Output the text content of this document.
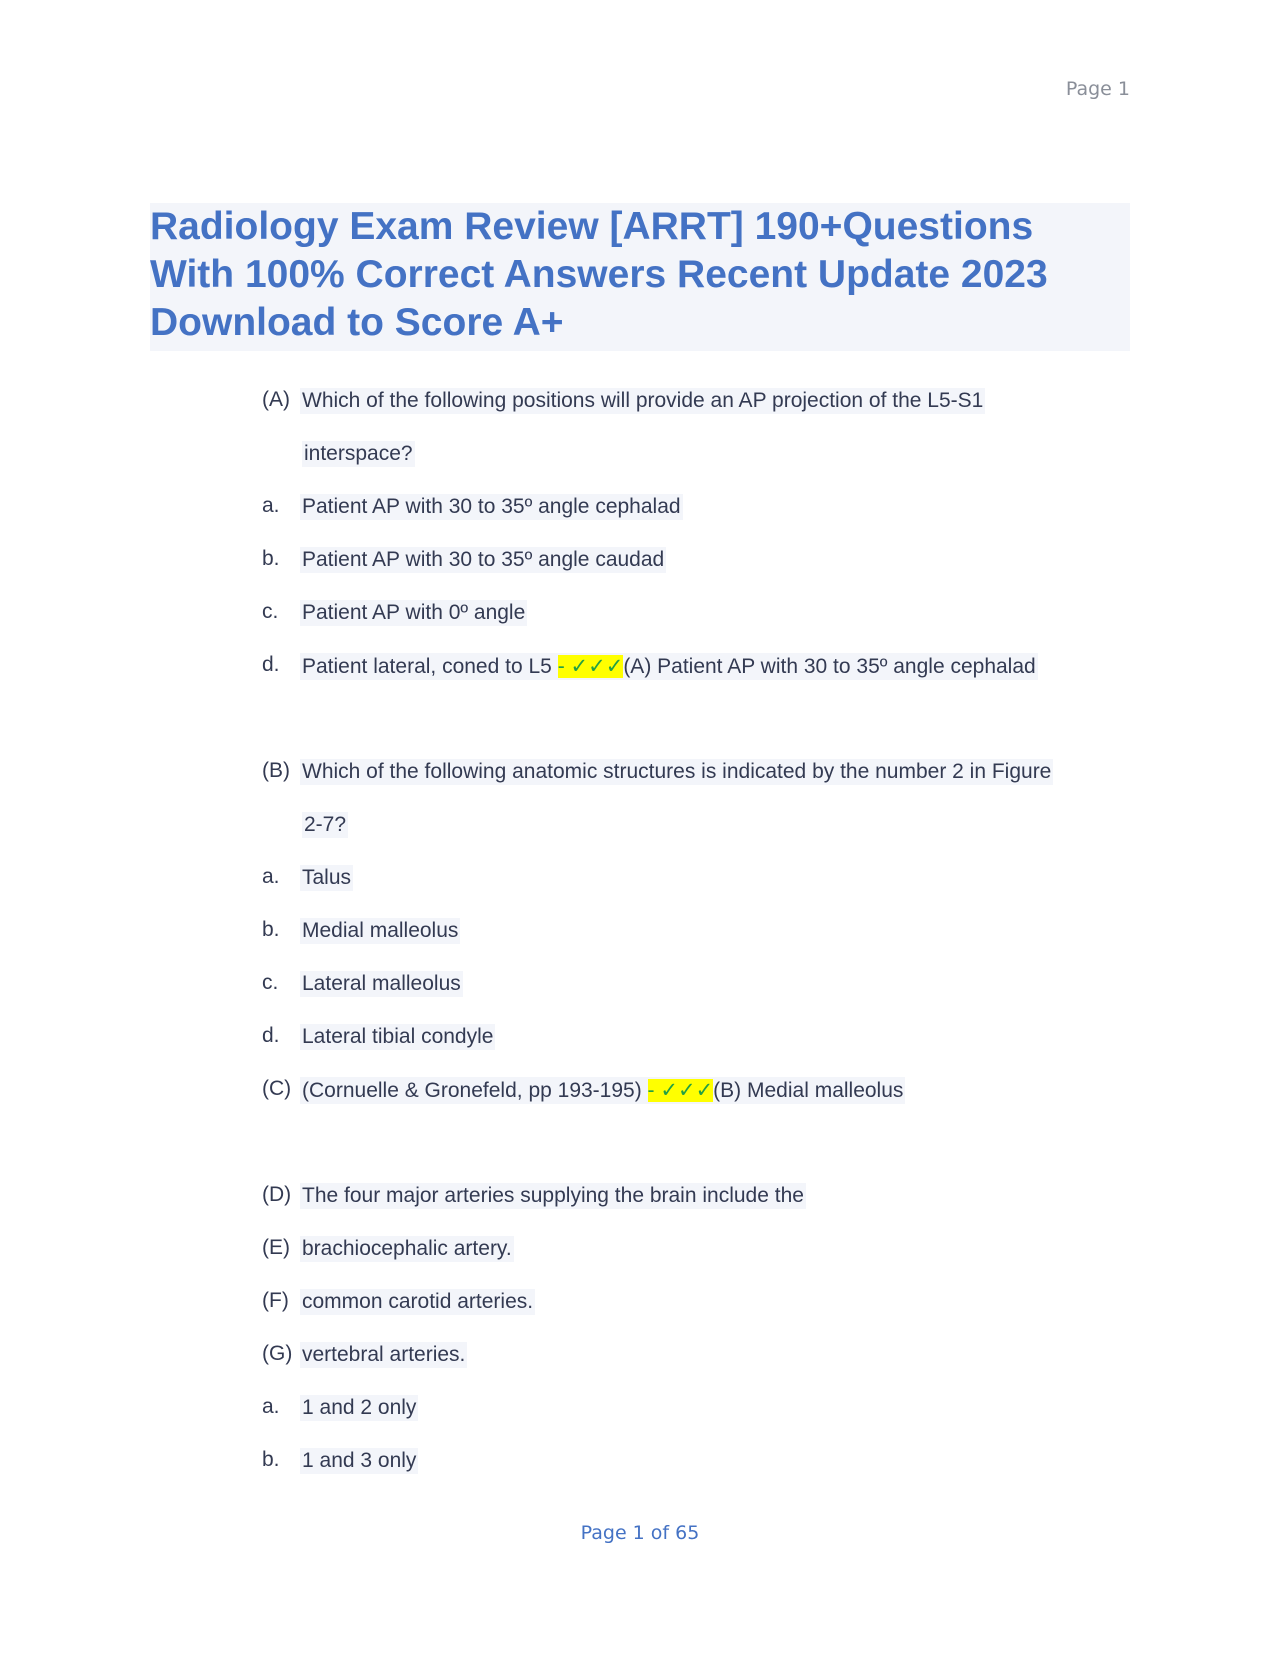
Page 1
Radiology Exam Review [ARRT] 190+Questions
With 100% Correct Answers Recent Update 2023
Download to Score A+
(A) Which of the following positions will provide an AP projection of the L5-S1
interspace?
a.	Patient AP with 30 to 35º angle cephalad
b.	Patient AP with 30 to 35º angle caudad
c.	Patient AP with 0º angle
d.	Patient lateral, coned to L5 - ✓✓✓(A) Patient AP with 30 to 35º angle cephalad
(B) Which of the following anatomic structures is indicated by the number 2 in Figure
2-7?
a.	Talus
b.	Medial malleolus
c.	Lateral malleolus
d.	Lateral tibial condyle
(C) (Cornuelle & Gronefeld, pp 193-195) - ✓✓✓(B) Medial malleolus
(D) The four major arteries supplying the brain include the
(E) brachiocephalic artery.
(F) common carotid arteries.
(G) vertebral arteries.
a.	1 and 2 only
b.	1 and 3 only
Page 1 of 65
